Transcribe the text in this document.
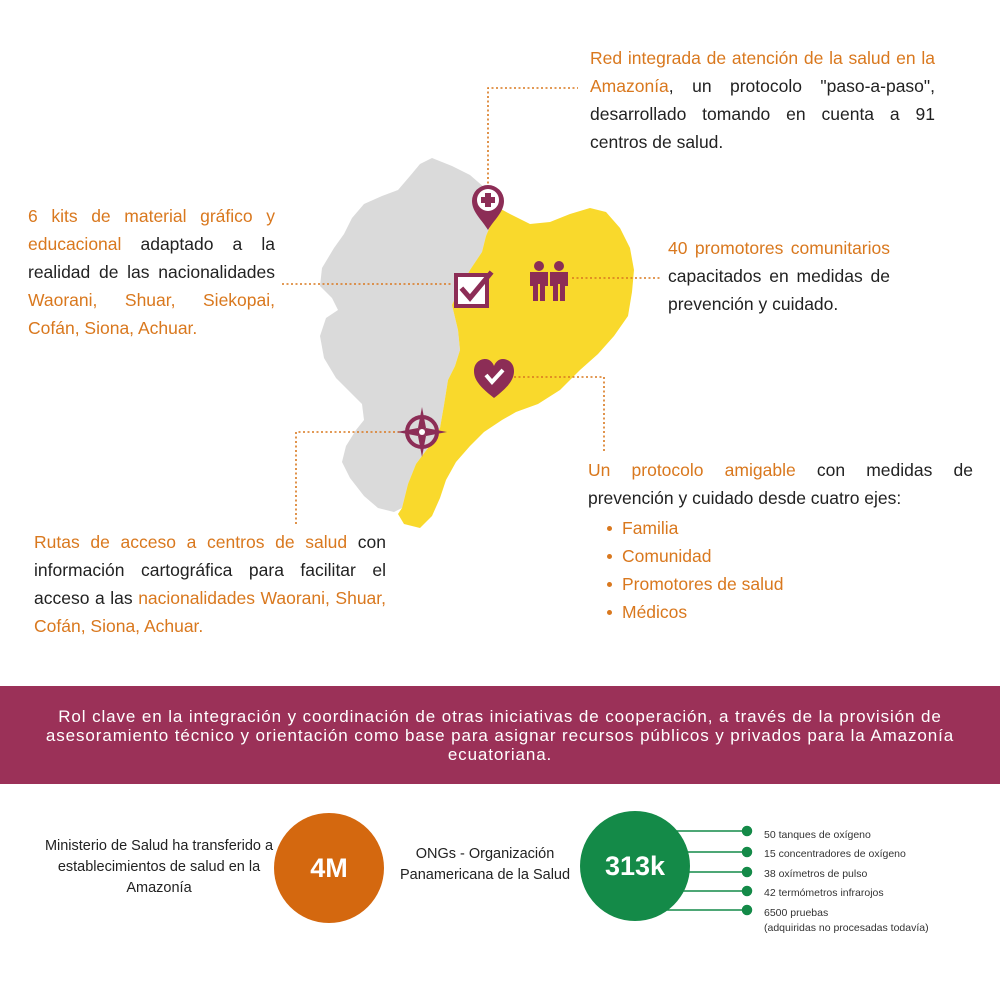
Red integrada de atención de la salud en la Amazonía, un protocolo "paso-a-paso", desarrollado tomando en cuenta a 91 centros de salud.
6 kits de material gráfico y educacional adaptado a la realidad de las nacionalidades Waorani, Shuar, Siekopai, Cofán, Siona, Achuar.
40 promotores comunitarios capacitados en medidas de prevención y cuidado.
Un protocolo amigable con medidas de prevención y cuidado desde cuatro ejes:
Familia
Comunidad
Promotores de salud
Médicos
Rutas de acceso a centros de salud con información cartográfica para facilitar el acceso a las nacionalidades Waorani, Shuar, Cofán, Siona, Achuar.
Rol clave en la integración y coordinación de otras iniciativas de cooperación, a través de la provisión de asesoramiento técnico y orientación como base para asignar recursos públicos y privados para la Amazonía ecuatoriana.
Ministerio de Salud ha transferido a establecimientos de salud en la Amazonía
4M	ONGs - Organización Panamericana de la Salud 313k
50 tanques de oxígeno
15 concentradores de oxígeno
38 oxímetros de pulso
42 termómetros infrarojos
6500 pruebas
(adquiridas no procesadas todavía)
